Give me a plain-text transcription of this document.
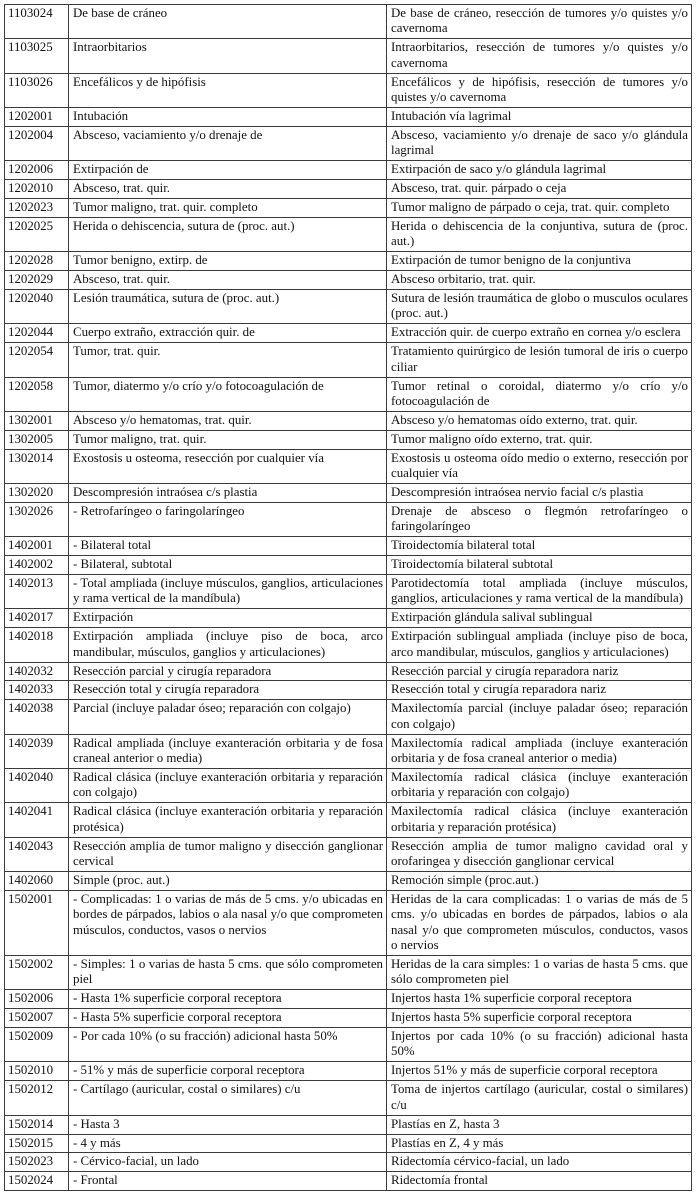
1103024	De base de cráneo	De base de cráneo, resección de tumores y/o quistes y/o cavernoma
1103025	Intraorbitarios	Intraorbitarios, resección de tumores y/o quistes y/o cavernoma
1103026	Encefálicos y de hipófisis	Encefálicos y de hipófisis, resección de tumores y/o quistes y/o cavernoma
1202001	Intubación	Intubación vía lagrimal
1202004	Absceso, vaciamiento y/o drenaje de	Absceso, vaciamiento y/o drenaje de saco y/o glándula lagrimal
1202006	Extirpación de	Extirpación de saco y/o glándula lagrimal
1202010	Absceso, trat. quir.	Absceso, trat. quir. párpado o ceja
1202023	Tumor maligno, trat. quir. completo	Tumor maligno de párpado o ceja, trat. quir. completo
1202025	Herida o dehiscencia, sutura de (proc. aut.)	Herida o dehiscencia de la conjuntiva, sutura de (proc. aut.)
1202028	Tumor benigno, extirp. de	Extirpación de tumor benigno de la conjuntiva
1202029	Absceso, trat. quir.	Absceso orbitario, trat. quir.
1202040	Lesión traumática, sutura de (proc. aut.)	Sutura de lesión traumática de globo o musculos oculares (proc. aut.)
1202044	Cuerpo extraño, extracción quir. de	Extracción quir. de cuerpo extraño en cornea y/o esclera
1202054	Tumor, trat. quir.	Tratamiento quirúrgico de lesión tumoral de iris o cuerpo ciliar
1202058	Tumor, diatermo y/o crío y/o fotocoagulación de	Tumor retinal o coroidal, diatermo y/o crío y/o fotocoagulación de
1302001	Absceso y/o hematomas, trat. quir.	Absceso y/o hematomas oído externo, trat. quir.
1302005	Tumor maligno, trat. quir.	Tumor maligno oído externo, trat. quir.
1302014	Exostosis u osteoma, resección por cualquier vía	Exostosis u osteoma oído medio o externo, resección por cualquier vía
1302020	Descompresión intraósea c/s plastia	Descompresión intraósea nervio facial c/s plastia
1302026	- Retrofaríngeo o faringolaríngeo	Drenaje de absceso o flegmón retrofaríngeo o faringolaríngeo
1402001	- Bilateral total	Tiroidectomía bilateral total
1402002	- Bilateral, subtotal	Tiroidectomía bilateral subtotal
1402013	- Total ampliada (incluye músculos, ganglios, articulaciones y rama vertical de la mandíbula)	Parotidectomía total ampliada (incluye músculos, ganglios, articulaciones y rama vertical de la mandíbula)
1402017	Extirpación	Extirpación glándula salival sublingual
1402018	Extirpación ampliada (incluye piso de boca, arco mandibular, músculos, ganglios y articulaciones)	Extirpación sublingual ampliada (incluye piso de boca, arco mandibular, músculos, ganglios y articulaciones)
1402032	Resección parcial y cirugía reparadora	Resección parcial y cirugía reparadora nariz
1402033	Resección total y cirugía reparadora	Resección total y cirugía reparadora nariz
1402038	Parcial (incluye paladar óseo; reparación con colgajo)	Maxilectomía parcial (incluye paladar óseo; reparación con colgajo)
1402039	Radical ampliada (incluye exanteración orbitaria y de fosa craneal anterior o media)	Maxilectomía radical ampliada (incluye exanteración orbitaria y de fosa craneal anterior o media)
1402040	Radical clásica (incluye exanteración orbitaria y reparación con colgajo)	Maxilectomía radical clásica (incluye exanteración orbitaria y reparación con colgajo)
1402041	Radical clásica (incluye exanteración orbitaria y reparación protésica)	Maxilectomía radical clásica (incluye exanteración orbitaria y reparación protésica)
1402043	Resección amplia de tumor maligno y disección ganglionar cervical	Resección amplia de tumor maligno cavidad oral y orofaringea y disección ganglionar cervical
1402060	Simple (proc. aut.)	Remoción simple (proc.aut.)
1502001	- Complicadas: 1 o varias de más de 5 cms. y/o ubicadas en bordes de párpados, labios o ala nasal y/o que comprometen músculos, conductos, vasos o nervios	Heridas de la cara complicadas: 1 o varias de más de 5 cms. y/o ubicadas en bordes de párpados, labios o ala nasal y/o que comprometen músculos, conductos, vasos o nervios
1502002	- Simples: 1 o varias de hasta 5 cms. que sólo comprometen piel	Heridas de la cara simples: 1 o varias de hasta 5 cms. que sólo comprometen piel
1502006	- Hasta 1% superficie corporal receptora	Injertos hasta 1% superficie corporal receptora
1502007	- Hasta 5% superficie corporal receptora	Injertos hasta 5% superficie corporal receptora
1502009	- Por cada 10% (o su fracción) adicional hasta 50%	Injertos por cada 10% (o su fracción) adicional hasta 50%
1502010	- 51% y más de superficie corporal receptora	Injertos 51% y más de superficie corporal receptora
1502012	- Cartílago (auricular, costal o similares) c/u	Toma de injertos cartílago (auricular, costal o similares) c/u
1502014	- Hasta 3	Plastías en Z, hasta 3
1502015	- 4 y más	Plastías en Z, 4 y más
1502023	- Cérvico-facial, un lado	Ridectomía cérvico-facial, un lado
1502024	- Frontal	Ridectomía frontal
